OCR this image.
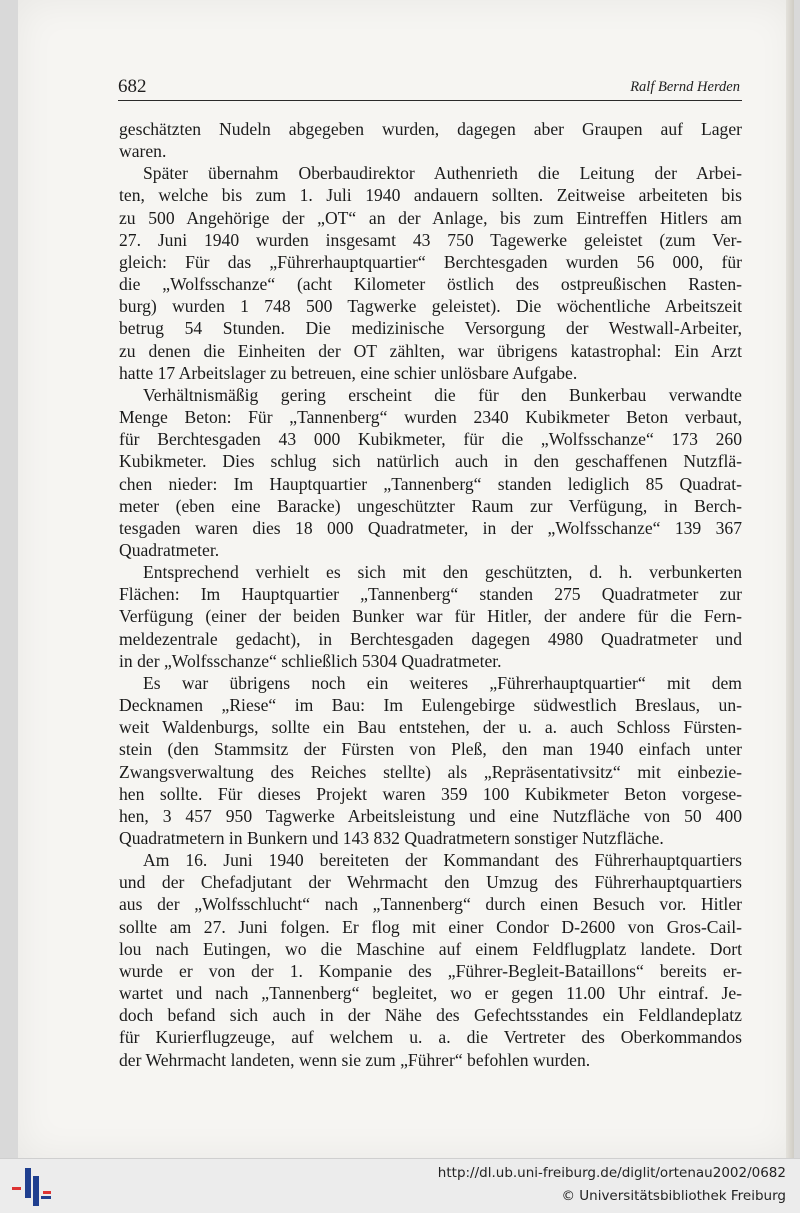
682	Ralf Bernd Herden

geschätzten Nudeln abgegeben wurden, dagegen aber Graupen auf Lager

waren.

Später übernahm Oberbaudirektor Authenrieth die Leitung der Arbei-

ten, welche bis zum 1. Juli 1940 andauern sollten. Zeitweise arbeiteten bis

zu 500 Angehörige der „OT“ an der Anlage, bis zum Eintreffen Hitlers am

27. Juni 1940 wurden insgesamt 43 750 Tagewerke geleistet (zum Ver-

gleich: Für das „Führerhauptquartier“ Berchtesgaden wurden 56 000, für

die „Wolfsschanze“ (acht Kilometer östlich des ostpreußischen Rasten-

burg) wurden 1 748 500 Tagwerke geleistet). Die wöchentliche Arbeitszeit

betrug 54 Stunden. Die medizinische Versorgung der Westwall-Arbeiter,

zu denen die Einheiten der OT zählten, war übrigens katastrophal: Ein Arzt

hatte 17 Arbeitslager zu betreuen, eine schier unlösbare Aufgabe.

Verhältnismäßig gering erscheint die für den Bunkerbau verwandte

Menge Beton: Für „Tannenberg“ wurden 2340 Kubikmeter Beton verbaut,

für Berchtesgaden 43 000 Kubikmeter, für die „Wolfsschanze“ 173 260

Kubikmeter. Dies schlug sich natürlich auch in den geschaffenen Nutzflä-

chen nieder: Im Hauptquartier „Tannenberg“ standen lediglich 85 Quadrat-

meter (eben eine Baracke) ungeschützter Raum zur Verfügung, in Berch-

tesgaden waren dies 18 000 Quadratmeter, in der „Wolfsschanze“ 139 367

Quadratmeter.

Entsprechend verhielt es sich mit den geschützten, d. h. verbunkerten

Flächen: Im Hauptquartier „Tannenberg“ standen 275 Quadratmeter zur

Verfügung (einer der beiden Bunker war für Hitler, der andere für die Fern-

meldezentrale gedacht), in Berchtesgaden dagegen 4980 Quadratmeter und

in der „Wolfsschanze“ schließlich 5304 Quadratmeter.

Es war übrigens noch ein weiteres „Führerhauptquartier“ mit dem

Decknamen „Riese“ im Bau: Im Eulengebirge südwestlich Breslaus, un-

weit Waldenburgs, sollte ein Bau entstehen, der u. a. auch Schloss Fürsten-

stein (den Stammsitz der Fürsten von Pleß, den man 1940 einfach unter

Zwangsverwaltung des Reiches stellte) als „Repräsentativsitz“ mit einbezie-

hen sollte. Für dieses Projekt waren 359 100 Kubikmeter Beton vorgese-

hen, 3 457 950 Tagwerke Arbeitsleistung und eine Nutzfläche von 50 400

Quadratmetern in Bunkern und 143 832 Quadratmetern sonstiger Nutzfläche.

Am 16. Juni 1940 bereiteten der Kommandant des Führerhauptquartiers

und der Chefadjutant der Wehrmacht den Umzug des Führerhauptquartiers

aus der „Wolfsschlucht“ nach „Tannenberg“ durch einen Besuch vor. Hitler

sollte am 27. Juni folgen. Er flog mit einer Condor D-2600 von Gros-Cail-

lou nach Eutingen, wo die Maschine auf einem Feldflugplatz landete. Dort

wurde er von der 1. Kompanie des „Führer-Begleit-Bataillons“ bereits er-

wartet und nach „Tannenberg“ begleitet, wo er gegen 11.00 Uhr eintraf. Je-

doch befand sich auch in der Nähe des Gefechtsstandes ein Feldlandeplatz

für Kurierflugzeuge, auf welchem u. a. die Vertreter des Oberkommandos

der Wehrmacht landeten, wenn sie zum „Führer“ befohlen wurden.

http://dl.ub.uni-freiburg.de/diglit/ortenau2002/0682
© Universitätsbibliothek Freiburg
